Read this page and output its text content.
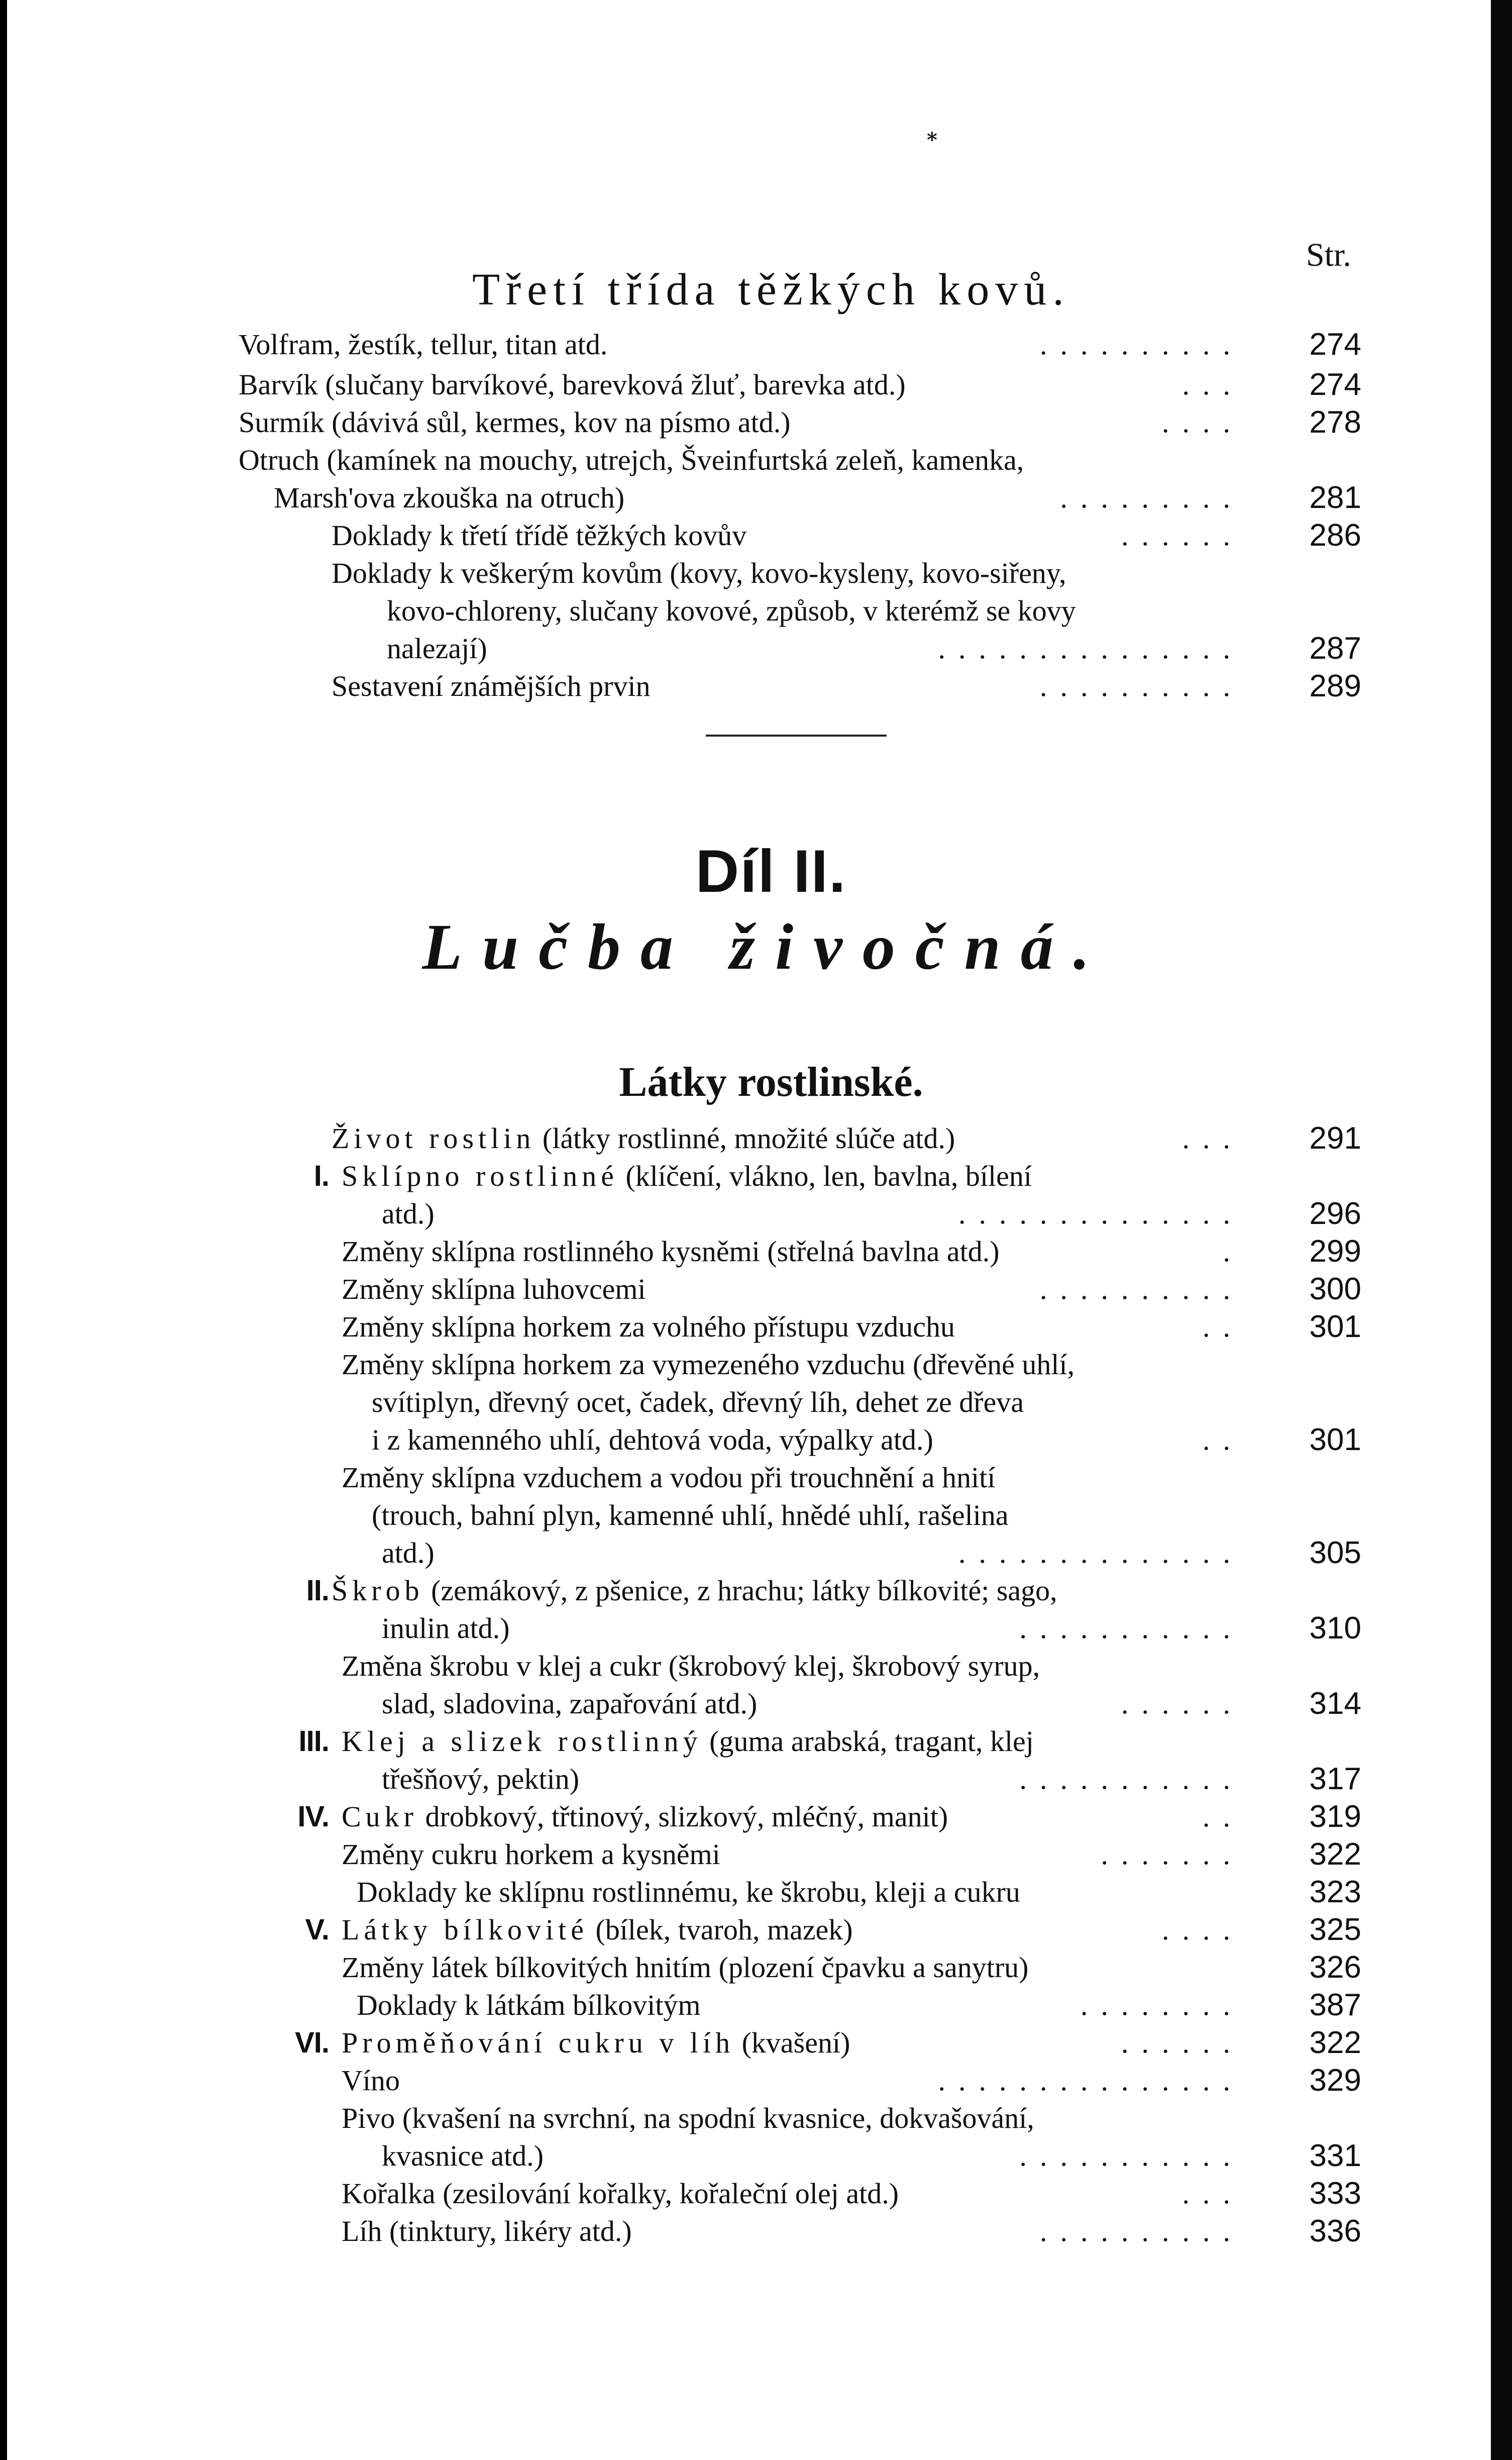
*
Str.
Třetí třída těžkých kovů.
Volfram, žestík, tellur, titan atd.	..........	274
Barvík (slučany barvíkové, barevková žluť, barevka atd.)	...	274
Surmík (dávivá sůl, kermes, kov na písmo atd.)	....	278
Otruch (kamínek na mouchy, utrejch, Šveinfurtská zeleň, kamenka,
Marsh'ova zkouška na otruch)	.........	281
Doklady k třetí třídě těžkých kovův	......	286
Doklady k veškerým kovům (kovy, kovo-kysleny, kovo-siřeny,
kovo-chloreny, slučany kovové, způsob, v kterémž se kovy
nalezají)	...............	287
Sestavení známějších prvin	..........	289
Díl II.
Lučba živočná.
Látky rostlinské.
Život rostlin (látky rostlinné, množité slúče atd.)	...	291
I. Sklípno rostlinné (klíčení, vlákno, len, bavlna, bílení
atd.)	..............	296
Změny sklípna rostlinného kysněmi (střelná bavlna atd.)	.	299
Změny sklípna luhovcemi	..........	300
Změny sklípna horkem za volného přístupu vzduchu	..	301
Změny sklípna horkem za vymezeného vzduchu (dřevěné uhlí,
svítiplyn, dřevný ocet, čadek, dřevný líh, dehet ze dřeva
i z kamenného uhlí, dehtová voda, výpalky atd.)	..	301
Změny sklípna vzduchem a vodou při trouchnění a hnití
(trouch, bahní plyn, kamenné uhlí, hnědé uhlí, rašelina
atd.)	..............	305
II. Škrob (zemákový, z pšenice, z hrachu; látky bílkovité; sago,
inulin atd.)	...........	310
Změna škrobu v klej a cukr (škrobový klej, škrobový syrup,
slad, sladovina, zapařování atd.)	......	314
III. Klej a slizek rostlinný (guma arabská, tragant, klej
třešňový, pektin)	...........	317
IV. Cukr drobkový, třtinový, slizkový, mléčný, manit)	..	319
Změny cukru horkem a kysněmi	.......	322
Doklady ke sklípnu rostlinnému, ke škrobu, kleji a cukru	323
V. Látky bílkovité (bílek, tvaroh, mazek)	....	325
Změny látek bílkovitých hnitím (plození čpavku a sanytru)	326
Doklady k látkám bílkovitým	........	387
VI. Proměňování cukru v líh (kvašení)	......	322
Víno	...............	329
Pivo (kvašení na svrchní, na spodní kvasnice, dokvašování,
kvasnice atd.)	...........	331
Kořalka (zesilování kořalky, kořaleční olej atd.)	...	333
Líh (tinktury, likéry atd.)	..........	336
